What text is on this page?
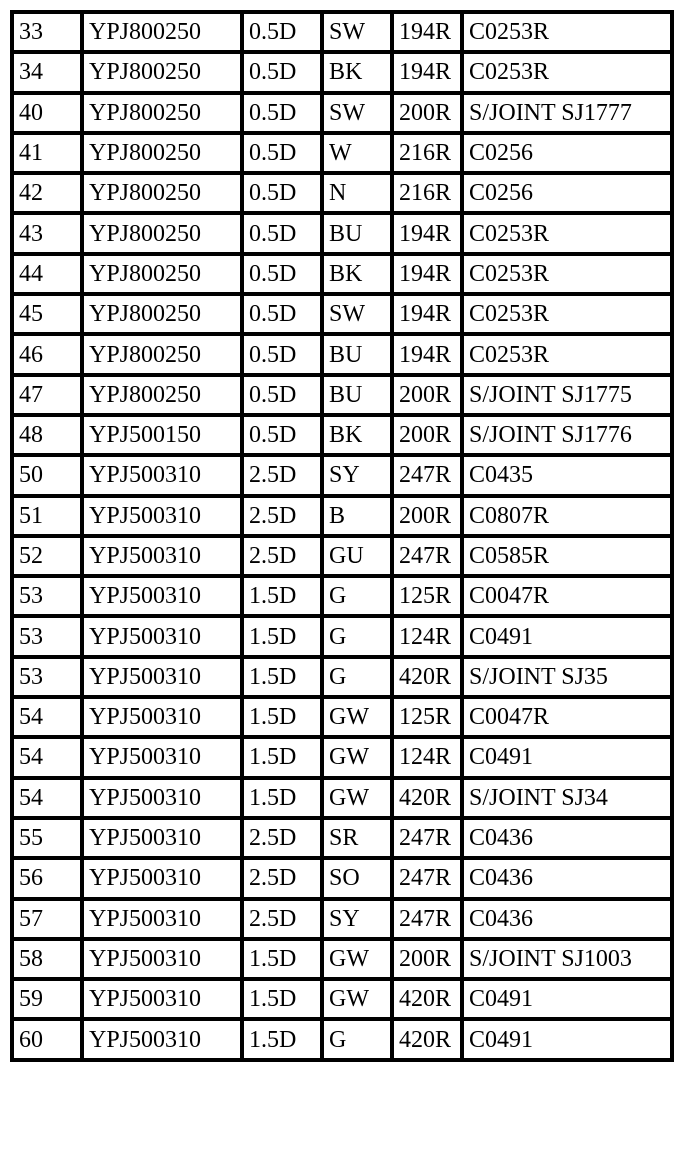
33	YPJ800250	0.5D	SW	194R	C0253R
34	YPJ800250	0.5D	BK	194R	C0253R
40	YPJ800250	0.5D	SW	200R	S/JOINT SJ1777
41	YPJ800250	0.5D	W	216R	C0256
42	YPJ800250	0.5D	N	216R	C0256
43	YPJ800250	0.5D	BU	194R	C0253R
44	YPJ800250	0.5D	BK	194R	C0253R
45	YPJ800250	0.5D	SW	194R	C0253R
46	YPJ800250	0.5D	BU	194R	C0253R
47	YPJ800250	0.5D	BU	200R	S/JOINT SJ1775
48	YPJ500150	0.5D	BK	200R	S/JOINT SJ1776
50	YPJ500310	2.5D	SY	247R	C0435
51	YPJ500310	2.5D	B	200R	C0807R
52	YPJ500310	2.5D	GU	247R	C0585R
53	YPJ500310	1.5D	G	125R	C0047R
53	YPJ500310	1.5D	G	124R	C0491
53	YPJ500310	1.5D	G	420R	S/JOINT SJ35
54	YPJ500310	1.5D	GW	125R	C0047R
54	YPJ500310	1.5D	GW	124R	C0491
54	YPJ500310	1.5D	GW	420R	S/JOINT SJ34
55	YPJ500310	2.5D	SR	247R	C0436
56	YPJ500310	2.5D	SO	247R	C0436
57	YPJ500310	2.5D	SY	247R	C0436
58	YPJ500310	1.5D	GW	200R	S/JOINT SJ1003
59	YPJ500310	1.5D	GW	420R	C0491
60	YPJ500310	1.5D	G	420R	C0491
